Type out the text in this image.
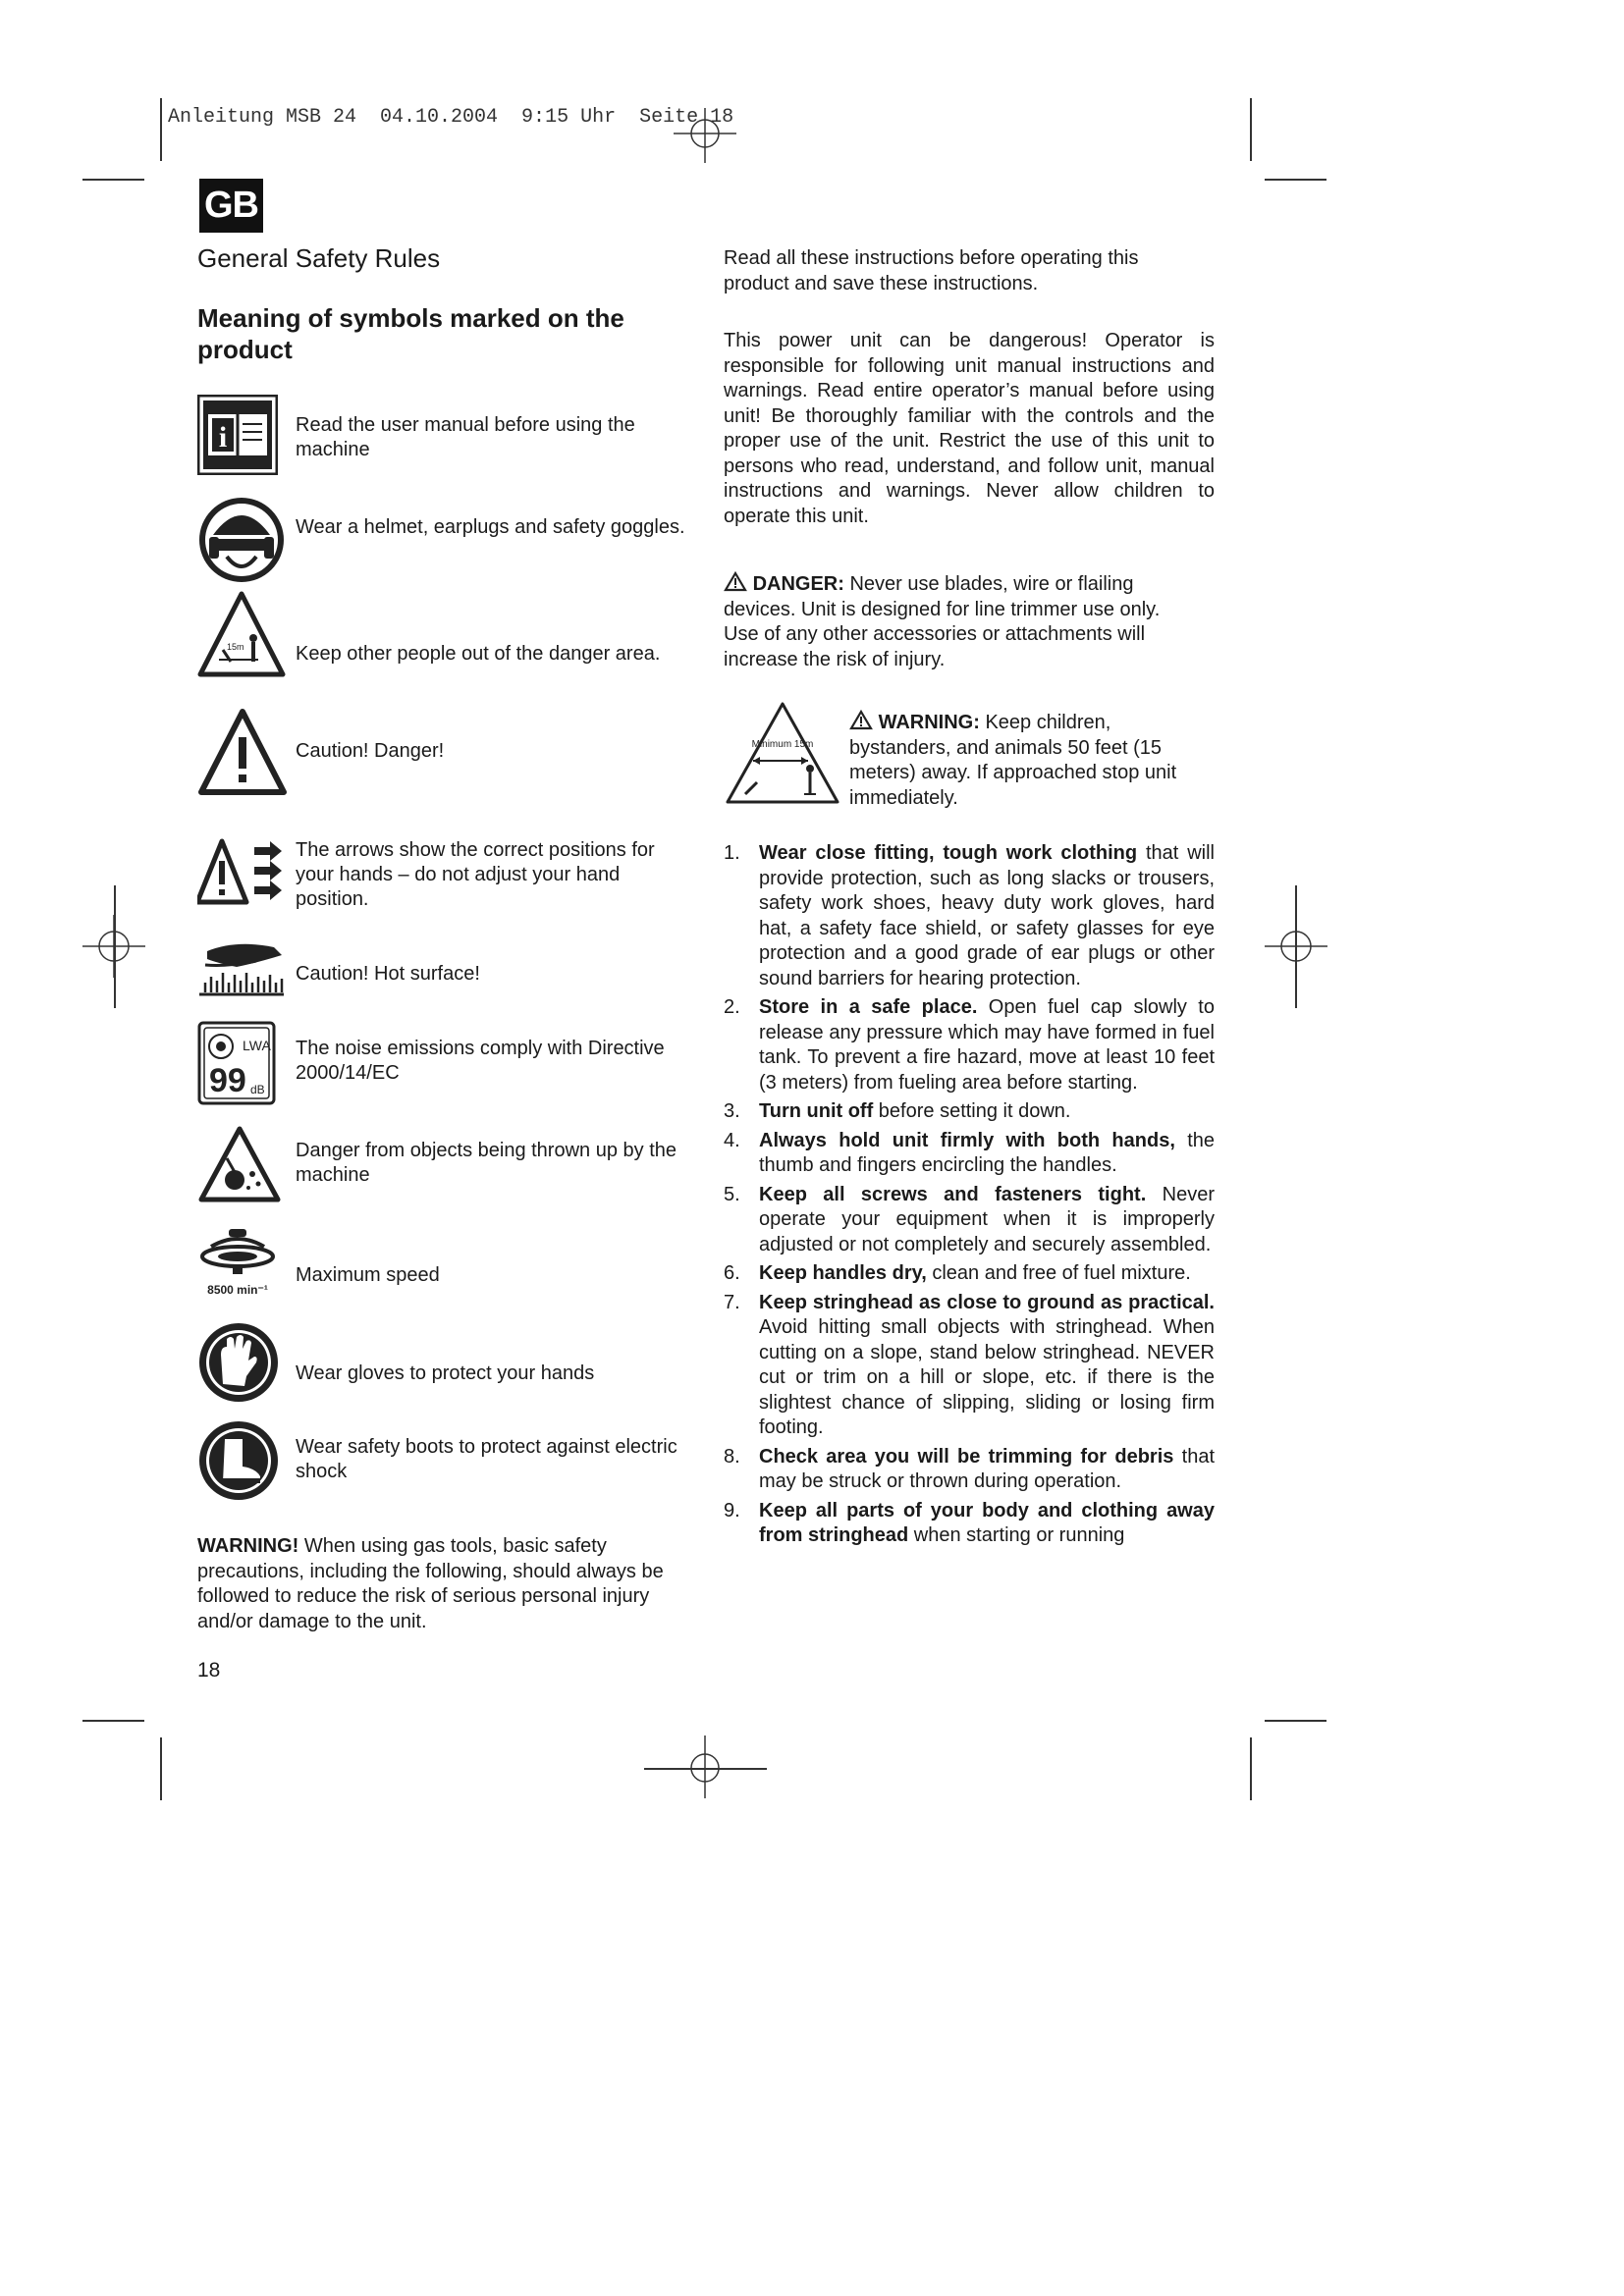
Anleitung MSB 24  04.10.2004  9:15 Uhr  Seite 18
GB
General Safety Rules
Meaning of symbols marked on the product
i
15m
LWA
99 dB
8500 min⁻¹
Read the user manual before using the machine
Wear a helmet, earplugs and safety goggles.
Keep other people out of the danger area.
Caution! Danger!
The arrows show the correct positions for your hands – do not adjust your hand position.
Caution! Hot surface!
The noise emissions comply with Directive 2000/14/EC
Danger from objects being thrown up by the machine
Maximum speed
Wear gloves to protect your hands
Wear safety boots to protect against electric shock
WARNING! When using gas tools, basic safety precautions, including the following, should always be followed to reduce the risk of serious personal injury and/or damage to the unit.
18
Read all these instructions before operating this product and save these instructions.
This power unit can be dangerous! Operator is responsible for following unit manual instructions and warnings. Read entire operator’s manual before using unit! Be thoroughly familiar with the controls and the proper use of the unit. Restrict the use of this unit to persons who read, understand, and follow unit, manual instructions and warnings. Never allow children to operate this unit.
DANGER: Never use blades, wire or flailing devices. Unit is designed for line trimmer use only. Use of any other accessories or attachments will increase the risk of injury.
Minimum 15m
WARNING: Keep children, bystanders, and animals 50 feet (15 meters) away. If approached stop unit immediately.
1. Wear close fitting, tough work clothing that will provide protection, such as long slacks or trousers, safety work shoes, heavy duty work gloves, hard hat, a safety face shield, or safety glasses for eye protection and a good grade of ear plugs or other sound barriers for hearing protection.
2. Store in a safe place. Open fuel cap slowly to release any pressure which may have formed in fuel tank. To prevent a fire hazard, move at least 10 feet (3 meters) from fueling area before starting.
3. Turn unit off before setting it down.
4. Always hold unit firmly with both hands, the thumb and fingers encircling the handles.
5. Keep all screws and fasteners tight. Never operate your equipment when it is improperly adjusted or not completely and securely assembled.
6. Keep handles dry, clean and free of fuel mixture.
7. Keep stringhead as close to ground as practical. Avoid hitting small objects with stringhead. When cutting on a slope, stand below stringhead. NEVER cut or trim on a hill or slope, etc. if there is the slightest chance of slipping, sliding or losing firm footing.
8. Check area you will be trimming for debris that may be struck or thrown during operation.
9. Keep all parts of your body and clothing away from stringhead when starting or running
